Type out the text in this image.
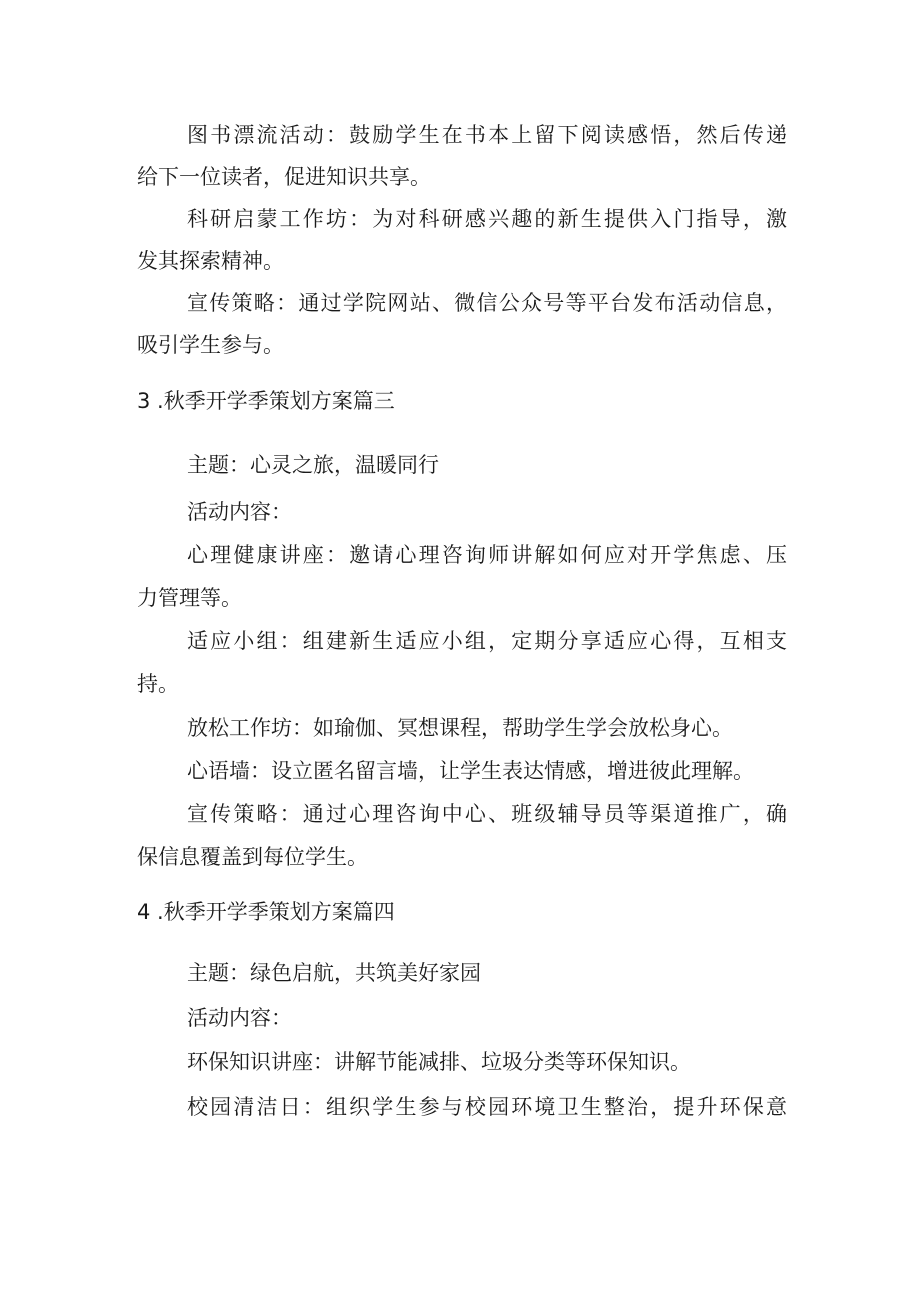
图书漂流活动：鼓励学生在书本上留下阅读感悟，然后传递
给下一位读者，促进知识共享。
科研启蒙工作坊：为对科研感兴趣的新生提供入门指导，激
发其探索精神。
宣传策略：通过学院网站、微信公众号等平台发布活动信息，
吸引学生参与。
3 .秋季开学季策划方案篇三
主题：心灵之旅，温暖同行
活动内容：
心理健康讲座：邀请心理咨询师讲解如何应对开学焦虑、压
力管理等。
适应小组：组建新生适应小组，定期分享适应心得，互相支
持。
放松工作坊：如瑜伽、冥想课程，帮助学生学会放松身心。
心语墙：设立匿名留言墙，让学生表达情感，增进彼此理解。
宣传策略：通过心理咨询中心、班级辅导员等渠道推广，确
保信息覆盖到每位学生。
4 .秋季开学季策划方案篇四
主题：绿色启航，共筑美好家园
活动内容：
环保知识讲座：讲解节能减排、垃圾分类等环保知识。
校园清洁日：组织学生参与校园环境卫生整治，提升环保意
